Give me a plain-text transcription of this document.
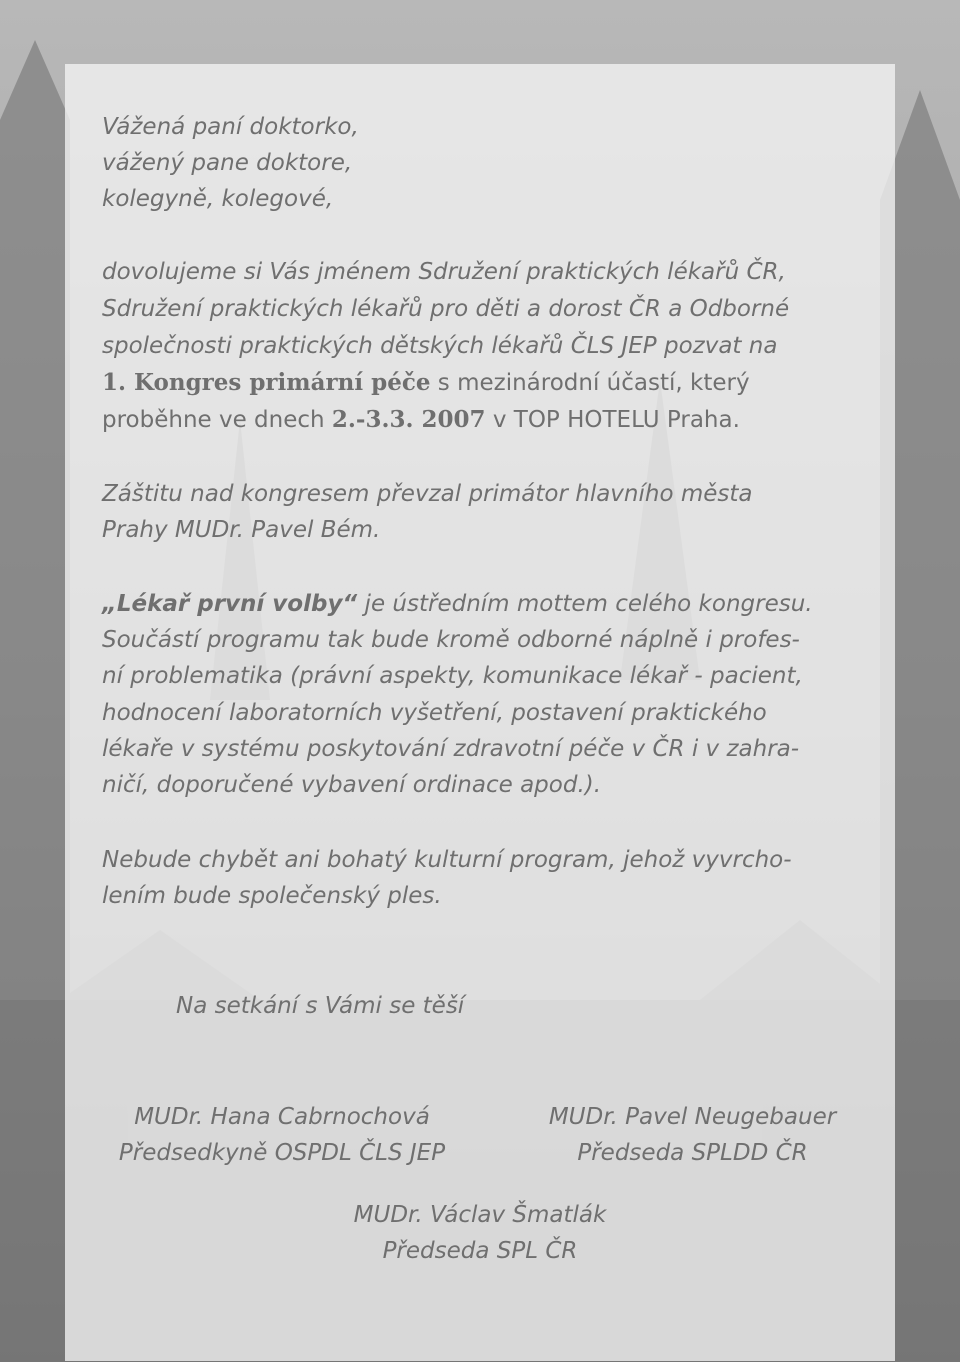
Vážená paní doktorko,

vážený pane doktore,

kolegyně, kolegové,

dovolujeme si Vás jménem Sdružení praktických lékařů ČR,

Sdružení praktických lékařů pro děti a dorost ČR a Odborné

společnosti praktických dětských lékařů ČLS JEP pozvat na

1. Kongres primární péče s mezinárodní účastí, který

proběhne ve dnech 2.-3.3. 2007 v TOP HOTELU Praha.

Záštitu nad kongresem převzal primátor hlavního města

Prahy MUDr. Pavel Bém.

„Lékař první volby“ je ústředním mottem celého kongresu.

Součástí programu tak bude kromě odborné náplně i profes-

ní problematika (právní aspekty, komunikace lékař - pacient,

hodnocení laboratorních vyšetření, postavení praktického

lékaře v systému poskytování zdravotní péče v ČR i v zahra-

ničí, doporučené vybavení ordinace apod.).

Nebude chybět ani bohatý kulturní program, jehož vyvrcho-

lením bude společenský ples.

Na setkání s Vámi se těší

MUDr. Hana Cabrnochová
Předsedkyně OSPDL ČLS JEP
MUDr. Pavel Neugebauer
Předseda SPLDD ČR
MUDr. Václav Šmatlák
Předseda SPL ČR
